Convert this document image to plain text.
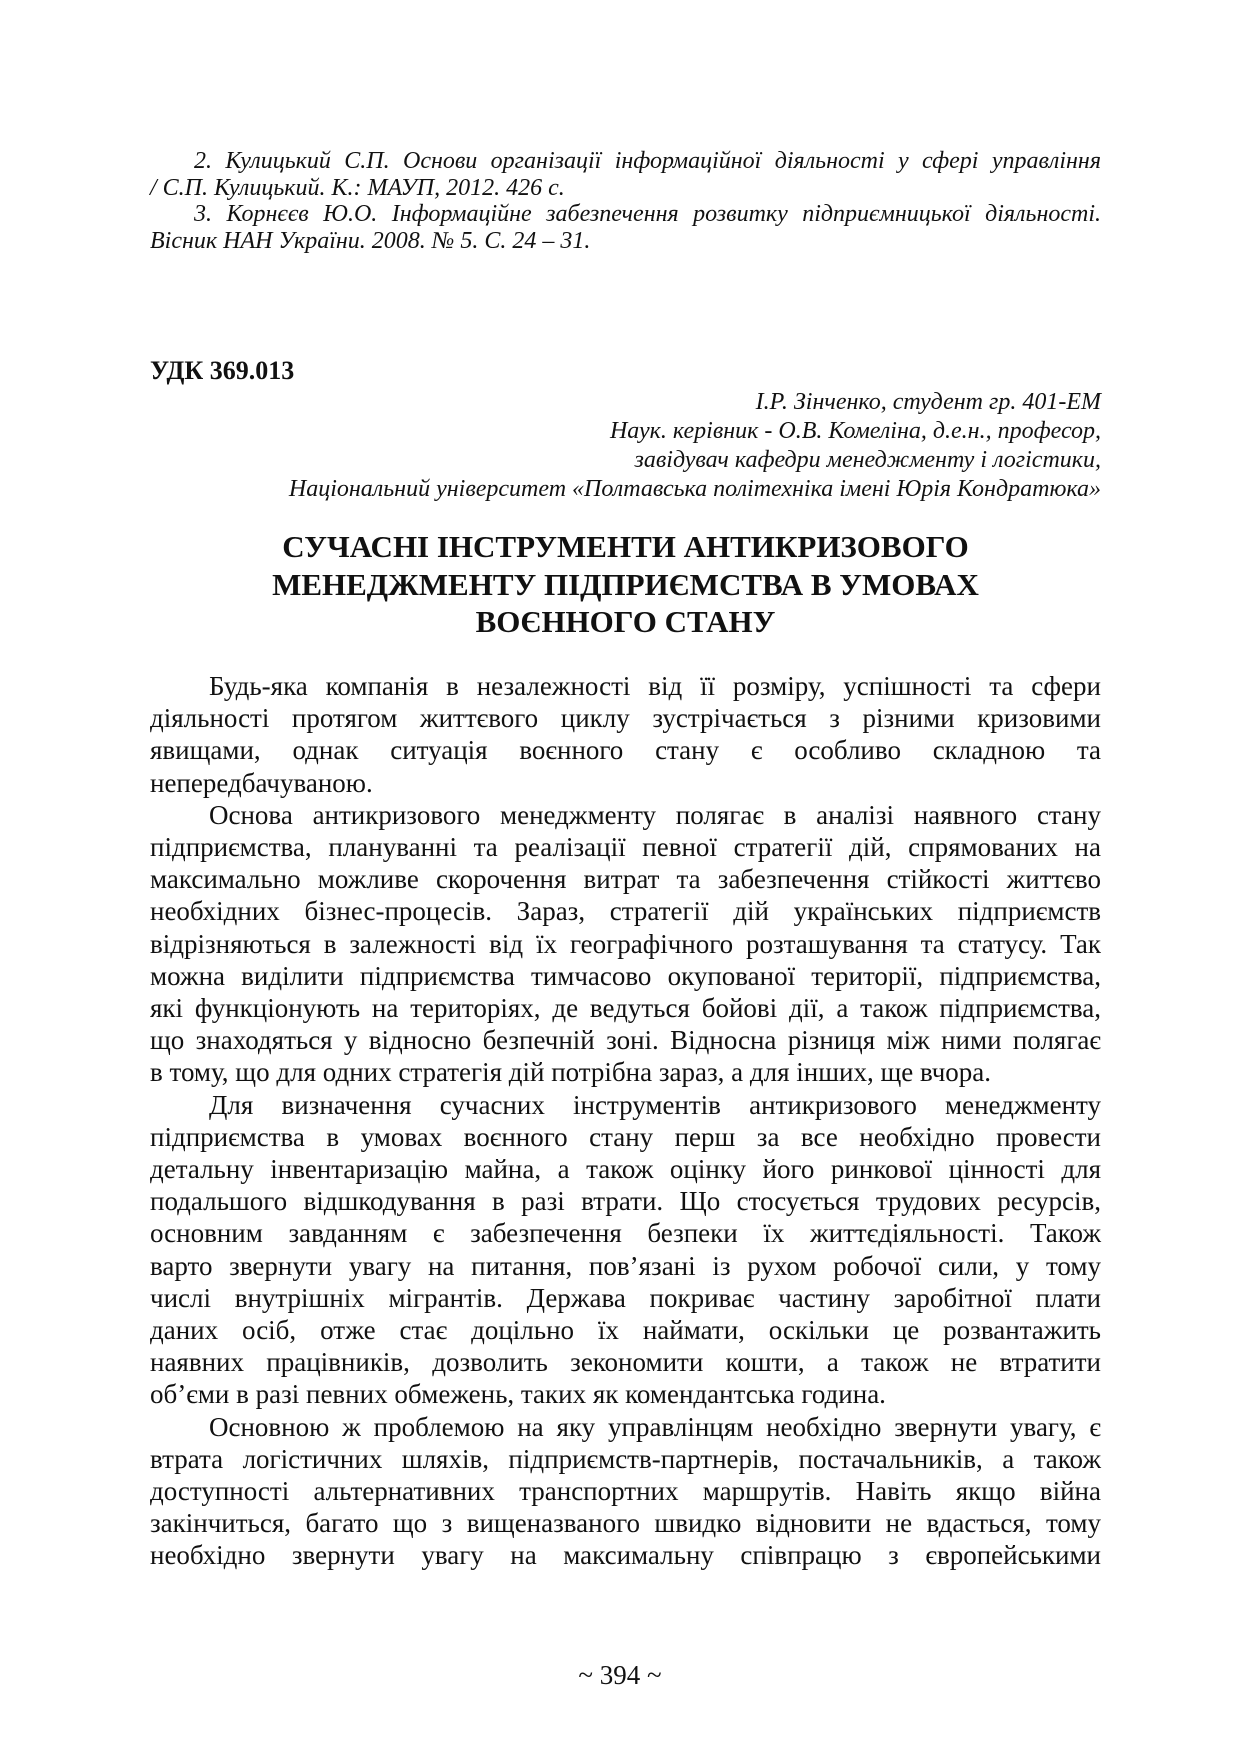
2. Кулицький С.П. Основи організації інформаційної діяльності у сфері управління
/ С.П. Кулицький. К.: МАУП, 2012. 426 с.
3. Корнєєв Ю.О. Інформаційне забезпечення розвитку підприємницької діяльності.
Вісник НАН України. 2008. № 5. С. 24 – 31.
УДК 369.013
І.Р. Зінченко, студент гр. 401-ЕМ
Наук. керівник - О.В. Комеліна, д.е.н., професор,
завідувач кафедри менеджменту і логістики,
Національний університет «Полтавська політехніка імені Юрія Кондратюка»
СУЧАСНІ ІНСТРУМЕНТИ АНТИКРИЗОВОГО
МЕНЕДЖМЕНТУ ПІДПРИЄМСТВА В УМОВАХ
ВОЄННОГО СТАНУ
Будь-яка компанія в незалежності від її розміру, успішності та сфери
діяльності протягом життєвого циклу зустрічається з різними кризовими
явищами, однак ситуація воєнного стану є особливо складною та
непередбачуваною.
Основа антикризового менеджменту полягає в аналізі наявного стану
підприємства, плануванні та реалізації певної стратегії дій, спрямованих на
максимально можливе скорочення витрат та забезпечення стійкості життєво
необхідних бізнес-процесів. Зараз, стратегії дій українських підприємств
відрізняються в залежності від їх географічного розташування та статусу. Так
можна виділити підприємства тимчасово окупованої території, підприємства,
які функціонують на територіях, де ведуться бойові дії, а також підприємства,
що знаходяться у відносно безпечній зоні. Відносна різниця між ними полягає
в тому, що для одних стратегія дій потрібна зараз, а для інших, ще вчора.
Для визначення сучасних інструментів антикризового менеджменту
підприємства в умовах воєнного стану перш за все необхідно провести
детальну інвентаризацію майна, а також оцінку його ринкової цінності для
подальшого відшкодування в разі втрати. Що стосується трудових ресурсів,
основним завданням є забезпечення безпеки їх життєдіяльності. Також
варто звернути увагу на питання, пов’язані із рухом робочої сили, у тому
числі внутрішніх мігрантів. Держава покриває частину заробітної плати
даних осіб, отже стає доцільно їх наймати, оскільки це розвантажить
наявних працівників, дозволить зекономити кошти, а також не втратити
об’єми в разі певних обмежень, таких як комендантська година.
Основною ж проблемою на яку управлінцям необхідно звернути увагу, є
втрата логістичних шляхів, підприємств-партнерів, постачальників, а також
доступності альтернативних транспортних маршрутів. Навіть якщо війна
закінчиться, багато що з вищеназваного швидко відновити не вдасться, тому
необхідно звернути увагу на максимальну співпрацю з європейськими
~ 394 ~
